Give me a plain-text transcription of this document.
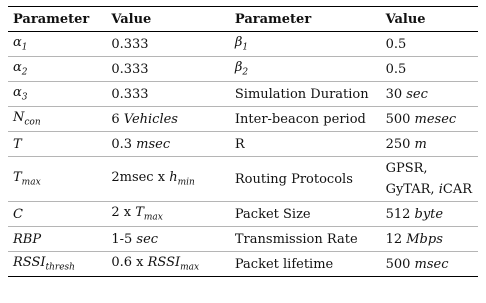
Parameter	Value	Parameter	Value
$\alpha_1$	0.333	$\beta_1$	0.5
$\alpha_2$	0.333	$\beta_2$	0.5
$\alpha_3$	0.333	Simulation Duration	30 sec
$N_{con}$	6 Vehicles	Inter-beacon period	500 mesec
T	0.3 msec	R	250 m
$T_{max}$	2msec x $h_{min}$	Routing Protocols	GPSR,
GyTAR, iCAR

C	2 x $T_{max}$	Packet Size	512 byte
RBP	1-5 sec	Transmission Rate	12 Mbps
$RSSI_{thresh}$	0.6 x $RSSI_{max}$	Packet lifetime	500 msec
